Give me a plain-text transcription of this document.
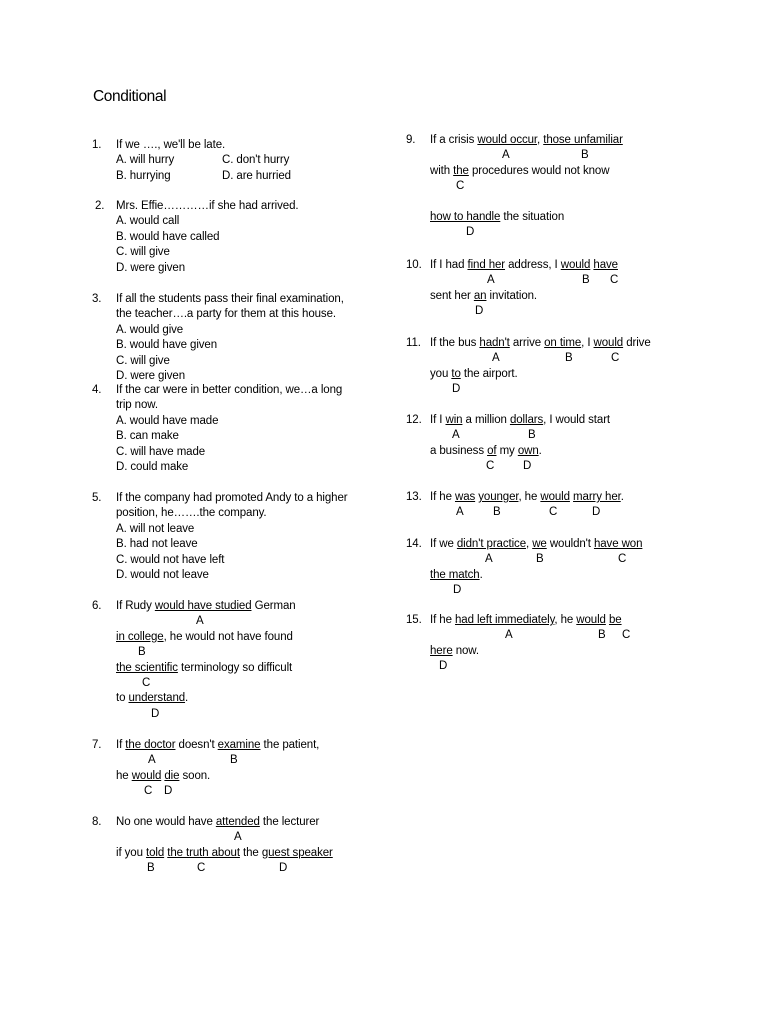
Conditional
1. If we …., we'll be late.
A. will hurry	C. don't hurry
B. hurrying	D. are hurried
2. Mrs. Effie…………if she had arrived.
A. would call
B. would have called
C. will give
D. were given
3. If all the students pass their final examination,
the teacher….a party for them at this house.
A. would give
B. would have given
C. will give
D. were given
4. If the car were in better condition, we…a long
trip now.
A. would have made
B. can make
C. will have made
D. could make
5. If the company had promoted Andy to a higher
position, he…….the company.
A. will not leave
B. had not leave
C. would not have left
D. would not leave
6. If Rudy would have studied German
A
in college, he would not have found
B
the scientific terminology so difficult
C
to understand.
D
7. If the doctor doesn't examine the patient,
A	B
he would die soon.
C D
8. No one would have attended the lecturer
A
if you told the truth about the guest speaker
B	C	D
9. If a crisis would occur, those unfamiliar
A	B
with the procedures would not know
C
how to handle the situation
D
10. If I had find her address, I would have
A	B C
sent her an invitation.
D
11. If the bus hadn't arrive on time, I would drive
A	B	C
you to the airport.
D
12. If I win a million dollars, I would start
A	B
a business of my own.
C	D
13. If he was younger, he would marry her.
A	B	C	D
14. If we didn't practice, we wouldn't have won
A	B	C
the match.
D
15. If he had left immediately, he would be
A	B C
here now.
D
